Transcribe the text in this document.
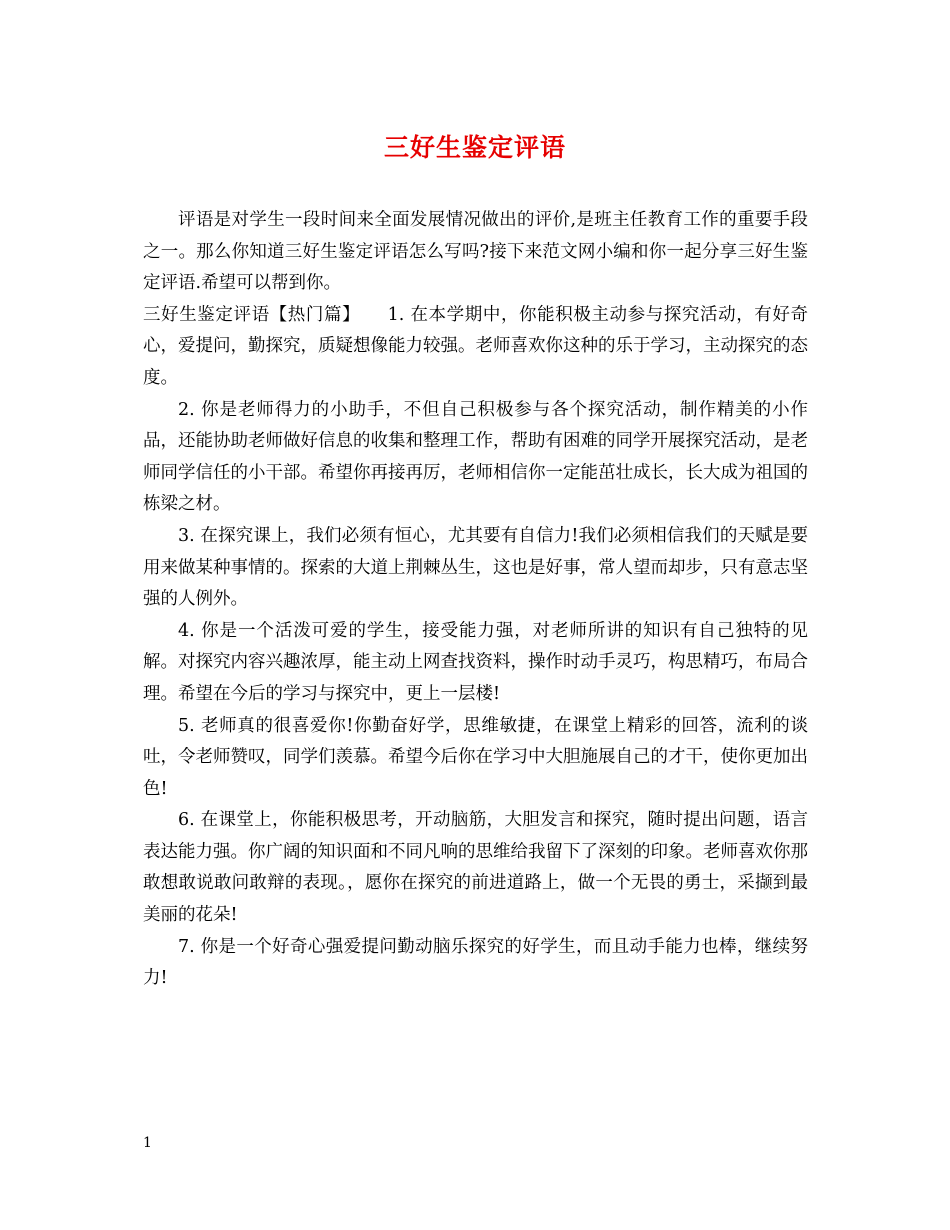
三好生鉴定评语

评语是对学生一段时间来全面发展情况做出的评价,是班主任教育工作的重要手段之一。那么你知道三好生鉴定评语怎么写吗?接下来范文网小编和你一起分享三好生鉴定评语.希望可以帮到你。

三好生鉴定评语【热门篇】　　1. 在本学期中，你能积极主动参与探究活动，有好奇心，爱提问，勤探究，质疑想像能力较强。老师喜欢你这种的乐于学习，主动探究的态度。

2. 你是老师得力的小助手，不但自己积极参与各个探究活动，制作精美的小作品，还能协助老师做好信息的收集和整理工作，帮助有困难的同学开展探究活动，是老师同学信任的小干部。希望你再接再厉，老师相信你一定能茁壮成长，长大成为祖国的栋梁之材。

3. 在探究课上，我们必须有恒心，尤其要有自信力!我们必须相信我们的天赋是要用来做某种事情的。探索的大道上荆棘丛生，这也是好事，常人望而却步，只有意志坚强的人例外。

4. 你是一个活泼可爱的学生，接受能力强，对老师所讲的知识有自己独特的见解。对探究内容兴趣浓厚，能主动上网查找资料，操作时动手灵巧，构思精巧，布局合理。希望在今后的学习与探究中，更上一层楼!

5. 老师真的很喜爱你!你勤奋好学，思维敏捷，在课堂上精彩的回答，流利的谈吐，令老师赞叹，同学们羡慕。希望今后你在学习中大胆施展自己的才干，使你更加出色!

6. 在课堂上，你能积极思考，开动脑筋，大胆发言和探究，随时提出问题，语言表达能力强。你广阔的知识面和不同凡响的思维给我留下了深刻的印象。老师喜欢你那敢想敢说敢问敢辩的表现。，愿你在探究的前进道路上，做一个无畏的勇士，采撷到最美丽的花朵!

7. 你是一个好奇心强爱提问勤动脑乐探究的好学生，而且动手能力也棒，继续努力!

1
